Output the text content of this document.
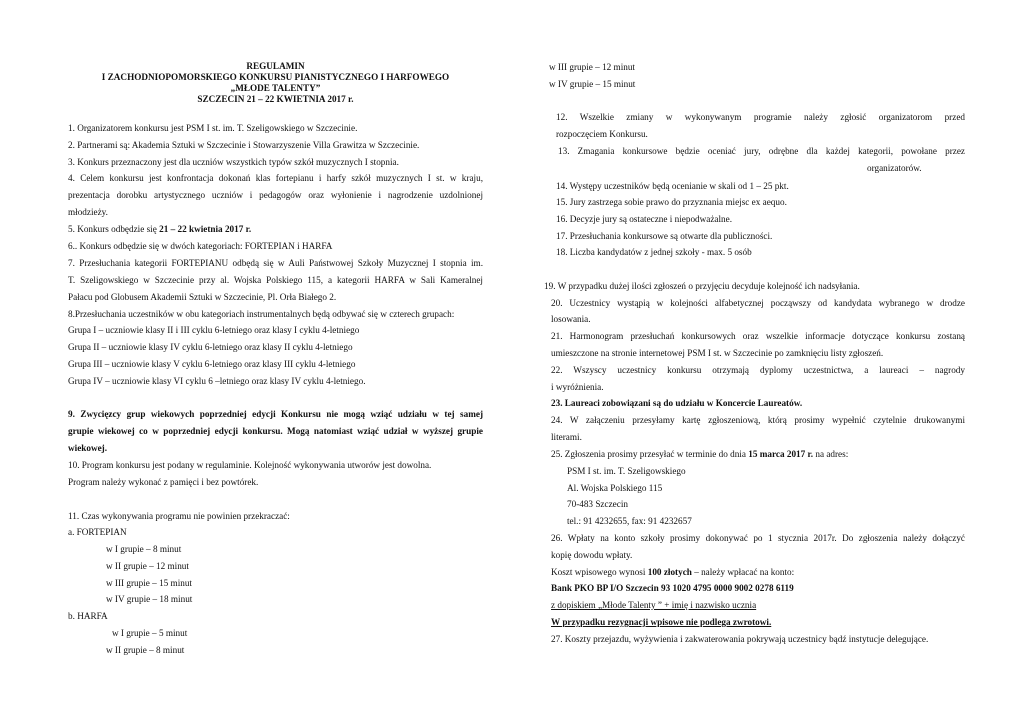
REGULAMIN
I ZACHODNIOPOMORSKIEGO KONKURSU PIANISTYCZNEGO I HARFOWEGO
„MŁODE TALENTY”
SZCZECIN 21 – 22 KWIETNIA 2017 r.
1. Organizatorem konkursu jest PSM I st. im. T. Szeligowskiego w Szczecinie.
2. Partnerami są: Akademia Sztuki w Szczecinie i Stowarzyszenie Villa Grawitza w Szczecinie.
3. Konkurs przeznaczony jest dla uczniów wszystkich typów szkół muzycznych I stopnia.
4. Celem konkursu jest konfrontacja dokonań klas fortepianu i harfy szkół muzycznych I st. w kraju,
prezentacja dorobku artystycznego uczniów i pedagogów oraz wyłonienie i nagrodzenie uzdolnionej
młodzieży.
5. Konkurs odbędzie się 21 – 22 kwietnia 2017 r.
6.. Konkurs odbędzie się w dwóch kategoriach: FORTEPIAN i HARFA
7. Przesłuchania kategorii FORTEPIANU odbędą się w Auli Państwowej Szkoły Muzycznej I stopnia im.
T. Szeligowskiego w Szczecinie przy al. Wojska Polskiego 115, a kategorii HARFA w Sali Kameralnej
Pałacu pod Globusem Akademii Sztuki w Szczecinie, Pl. Orła Białego 2.
8.Przesłuchania uczestników w obu kategoriach instrumentalnych będą odbywać się w czterech grupach:
Grupa I – uczniowie klasy II i III cyklu 6-letniego oraz klasy I cyklu 4-letniego
Grupa II – uczniowie klasy IV cyklu 6-letniego oraz klasy II cyklu 4-letniego
Grupa III – uczniowie klasy V cyklu 6-letniego oraz klasy III cyklu 4-letniego
Grupa IV – uczniowie klasy VI cyklu 6 –letniego oraz klasy IV cyklu 4-letniego.
9. Zwycięzcy grup wiekowych poprzedniej edycji Konkursu nie mogą wziąć udziału w tej samej
grupie wiekowej co w poprzedniej edycji konkursu. Mogą natomiast wziąć udział w wyższej grupie
wiekowej.
10. Program konkursu jest podany w regulaminie. Kolejność wykonywania utworów jest dowolna.
Program należy wykonać z pamięci i bez powtórek.
11. Czas wykonywania programu nie powinien przekraczać:
a. FORTEPIAN
w I grupie – 8 minut
w II grupie – 12 minut
w III grupie – 15 minut
w IV grupie – 18 minut
b. HARFA
w I grupie – 5 minut
w II grupie – 8 minut
w III grupie – 12 minut
w IV grupie – 15 minut
12. Wszelkie zmiany w wykonywanym programie należy zgłosić organizatorom przed
rozpoczęciem Konkursu.
13. Zmagania konkursowe będzie oceniać jury, odrębne dla każdej kategorii, powołane przez
organizatorów.
14. Występy uczestników będą ocenianie w skali od 1 – 25 pkt.
15. Jury zastrzega sobie prawo do przyznania miejsc ex aequo.
16. Decyzje jury są ostateczne i niepodważalne.
17. Przesłuchania konkursowe są otwarte dla publiczności.
18. Liczba kandydatów z jednej szkoły - max. 5 osób
19. W przypadku dużej ilości zgłoszeń o przyjęciu decyduje kolejność ich nadsyłania.
20. Uczestnicy wystąpią w kolejności alfabetycznej począwszy od kandydata wybranego w drodze
losowania.
21. Harmonogram przesłuchań konkursowych oraz wszelkie informacje dotyczące konkursu zostaną
umieszczone na stronie internetowej PSM I st. w Szczecinie po zamknięciu listy zgłoszeń.
22. Wszyscy uczestnicy konkursu otrzymają dyplomy uczestnictwa, a laureaci – nagrody
i wyróżnienia.
23. Laureaci zobowiązani są do udziału w Koncercie Laureatów.
24. W załączeniu przesyłamy kartę zgłoszeniową, którą prosimy wypełnić czytelnie drukowanymi
literami.
25. Zgłoszenia prosimy przesyłać w terminie do dnia 15 marca 2017 r. na adres:
PSM I st. im. T. Szeligowskiego
Al. Wojska Polskiego 115
70-483 Szczecin
tel.: 91 4232655, fax: 91 4232657
26. Wpłaty na konto szkoły prosimy dokonywać po 1 stycznia 2017r. Do zgłoszenia należy dołączyć
kopię dowodu wpłaty.
Koszt wpisowego wynosi 100 złotych – należy wpłacać na konto:
Bank PKO BP I/O Szczecin 93 1020 4795 0000 9002 0278 6119
z dopiskiem „Młode Talenty ” + imię i nazwisko ucznia
W przypadku rezygnacji wpisowe nie podlega zwrotowi.
27. Koszty przejazdu, wyżywienia i zakwaterowania pokrywają uczestnicy bądź instytucje delegujące.
